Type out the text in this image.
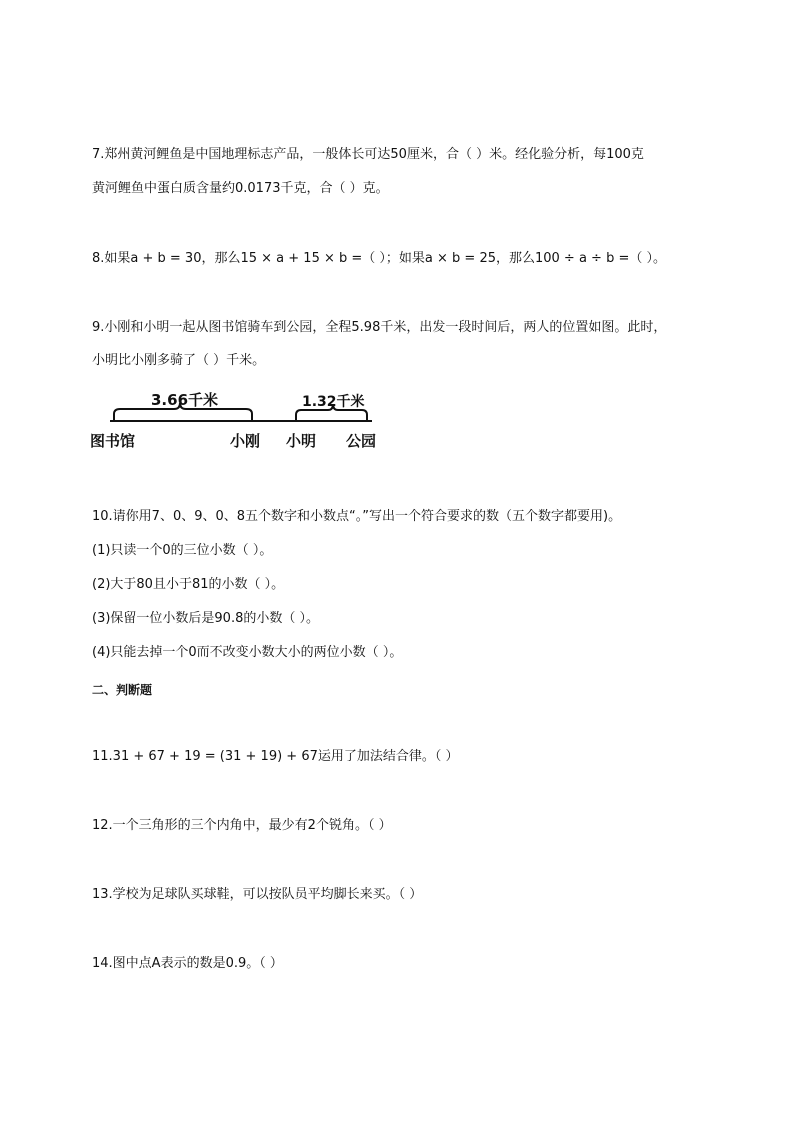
7.郑州黄河鲤鱼是中国地理标志产品，一般体长可达50厘米，合（ ）米。经化验分析，每100克
黄河鲤鱼中蛋白质含量约0.0173千克，合（ ）克。
8.如果a + b = 30，那么15 × a + 15 × b =（ ）；如果a × b = 25，那么100 ÷ a ÷ b =（ ）。
9.小刚和小明一起从图书馆骑车到公园，全程5.98千米，出发一段时间后，两人的位置如图。此时，
小明比小刚多骑了（ ）千米。
3.66千米	1.32千米
图书馆	小刚 小明 公园
10.请你用7、0、9、0、8五个数字和小数点“。”写出一个符合要求的数（五个数字都要用)。
(1)只读一个0的三位小数（ ）。
(2)大于80且小于81的小数（ ）。
(3)保留一位小数后是90.8的小数（ ）。
(4)只能去掉一个0而不改变小数大小的两位小数（ ）。
二、判断题
11.31 + 67 + 19 = (31 + 19) + 67运用了加法结合律。（ ）
12.一个三角形的三个内角中，最少有2个锐角。（ ）
13.学校为足球队买球鞋，可以按队员平均脚长来买。（ ）
14.图中点A表示的数是0.9。（ ）
